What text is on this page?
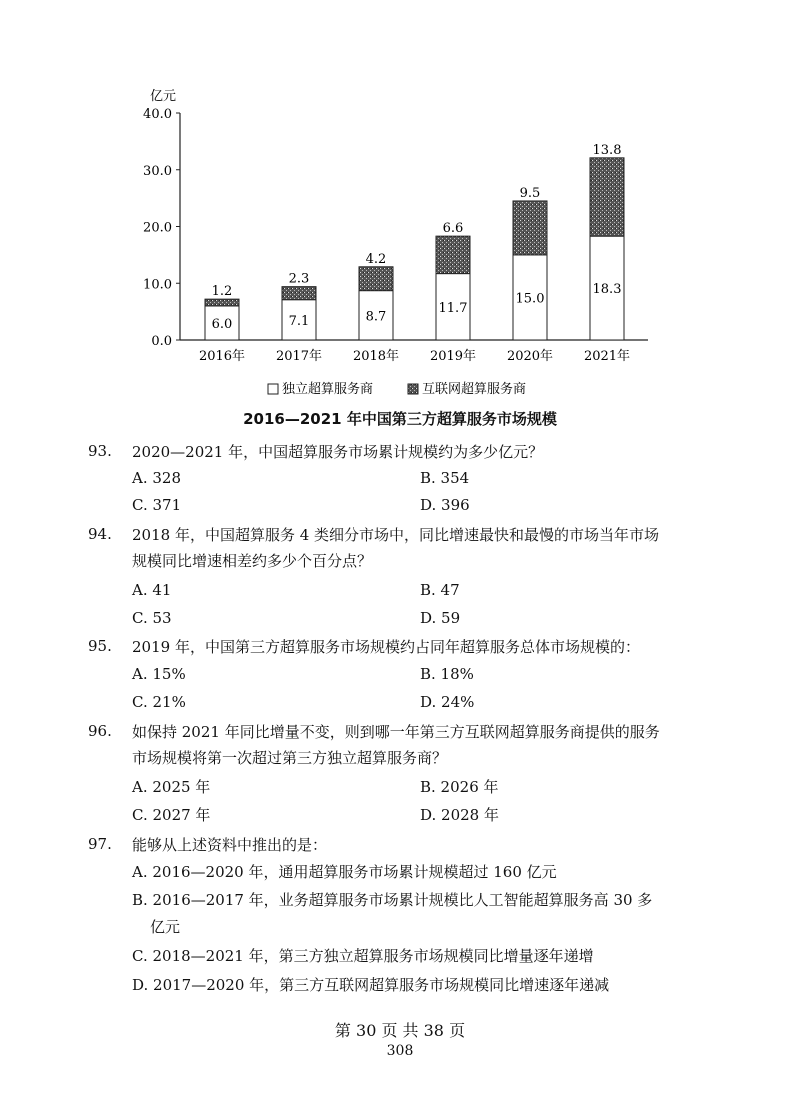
亿元
0.0
10.0
20.0
30.0
40.0
6.0
1.2
2016年
7.1
2.3
2017年
8.7
4.2
2018年
11.7
6.6
2019年
15.0
9.5
2020年
18.3
13.8
2021年
独立超算服务商	互联网超算服务商
2016—2021 年中国第三方超算服务市场规模
93. 2020—2021 年，中国超算服务市场累计规模约为多少亿元？
A. 328	B. 354
C. 371	D. 396
94. 2018 年，中国超算服务 4 类细分市场中，同比增速最快和最慢的市场当年市场
规模同比增速相差约多少个百分点？
A. 41	B. 47
C. 53	D. 59
95. 2019 年，中国第三方超算服务市场规模约占同年超算服务总体市场规模的：
A. 15%	B. 18%
C. 21%	D. 24%
96. 如保持 2021 年同比增量不变，则到哪一年第三方互联网超算服务商提供的服务
市场规模将第一次超过第三方独立超算服务商？
A. 2025 年	B. 2026 年
C. 2027 年	D. 2028 年
97. 能够从上述资料中推出的是：
A. 2016—2020 年，通用超算服务市场累计规模超过 160 亿元
B. 2016—2017 年，业务超算服务市场累计规模比人工智能超算服务高 30 多
亿元
C. 2018—2021 年，第三方独立超算服务市场规模同比增量逐年递增
D. 2017—2020 年，第三方互联网超算服务市场规模同比增速逐年递减
第 30 页 共 38 页
308
